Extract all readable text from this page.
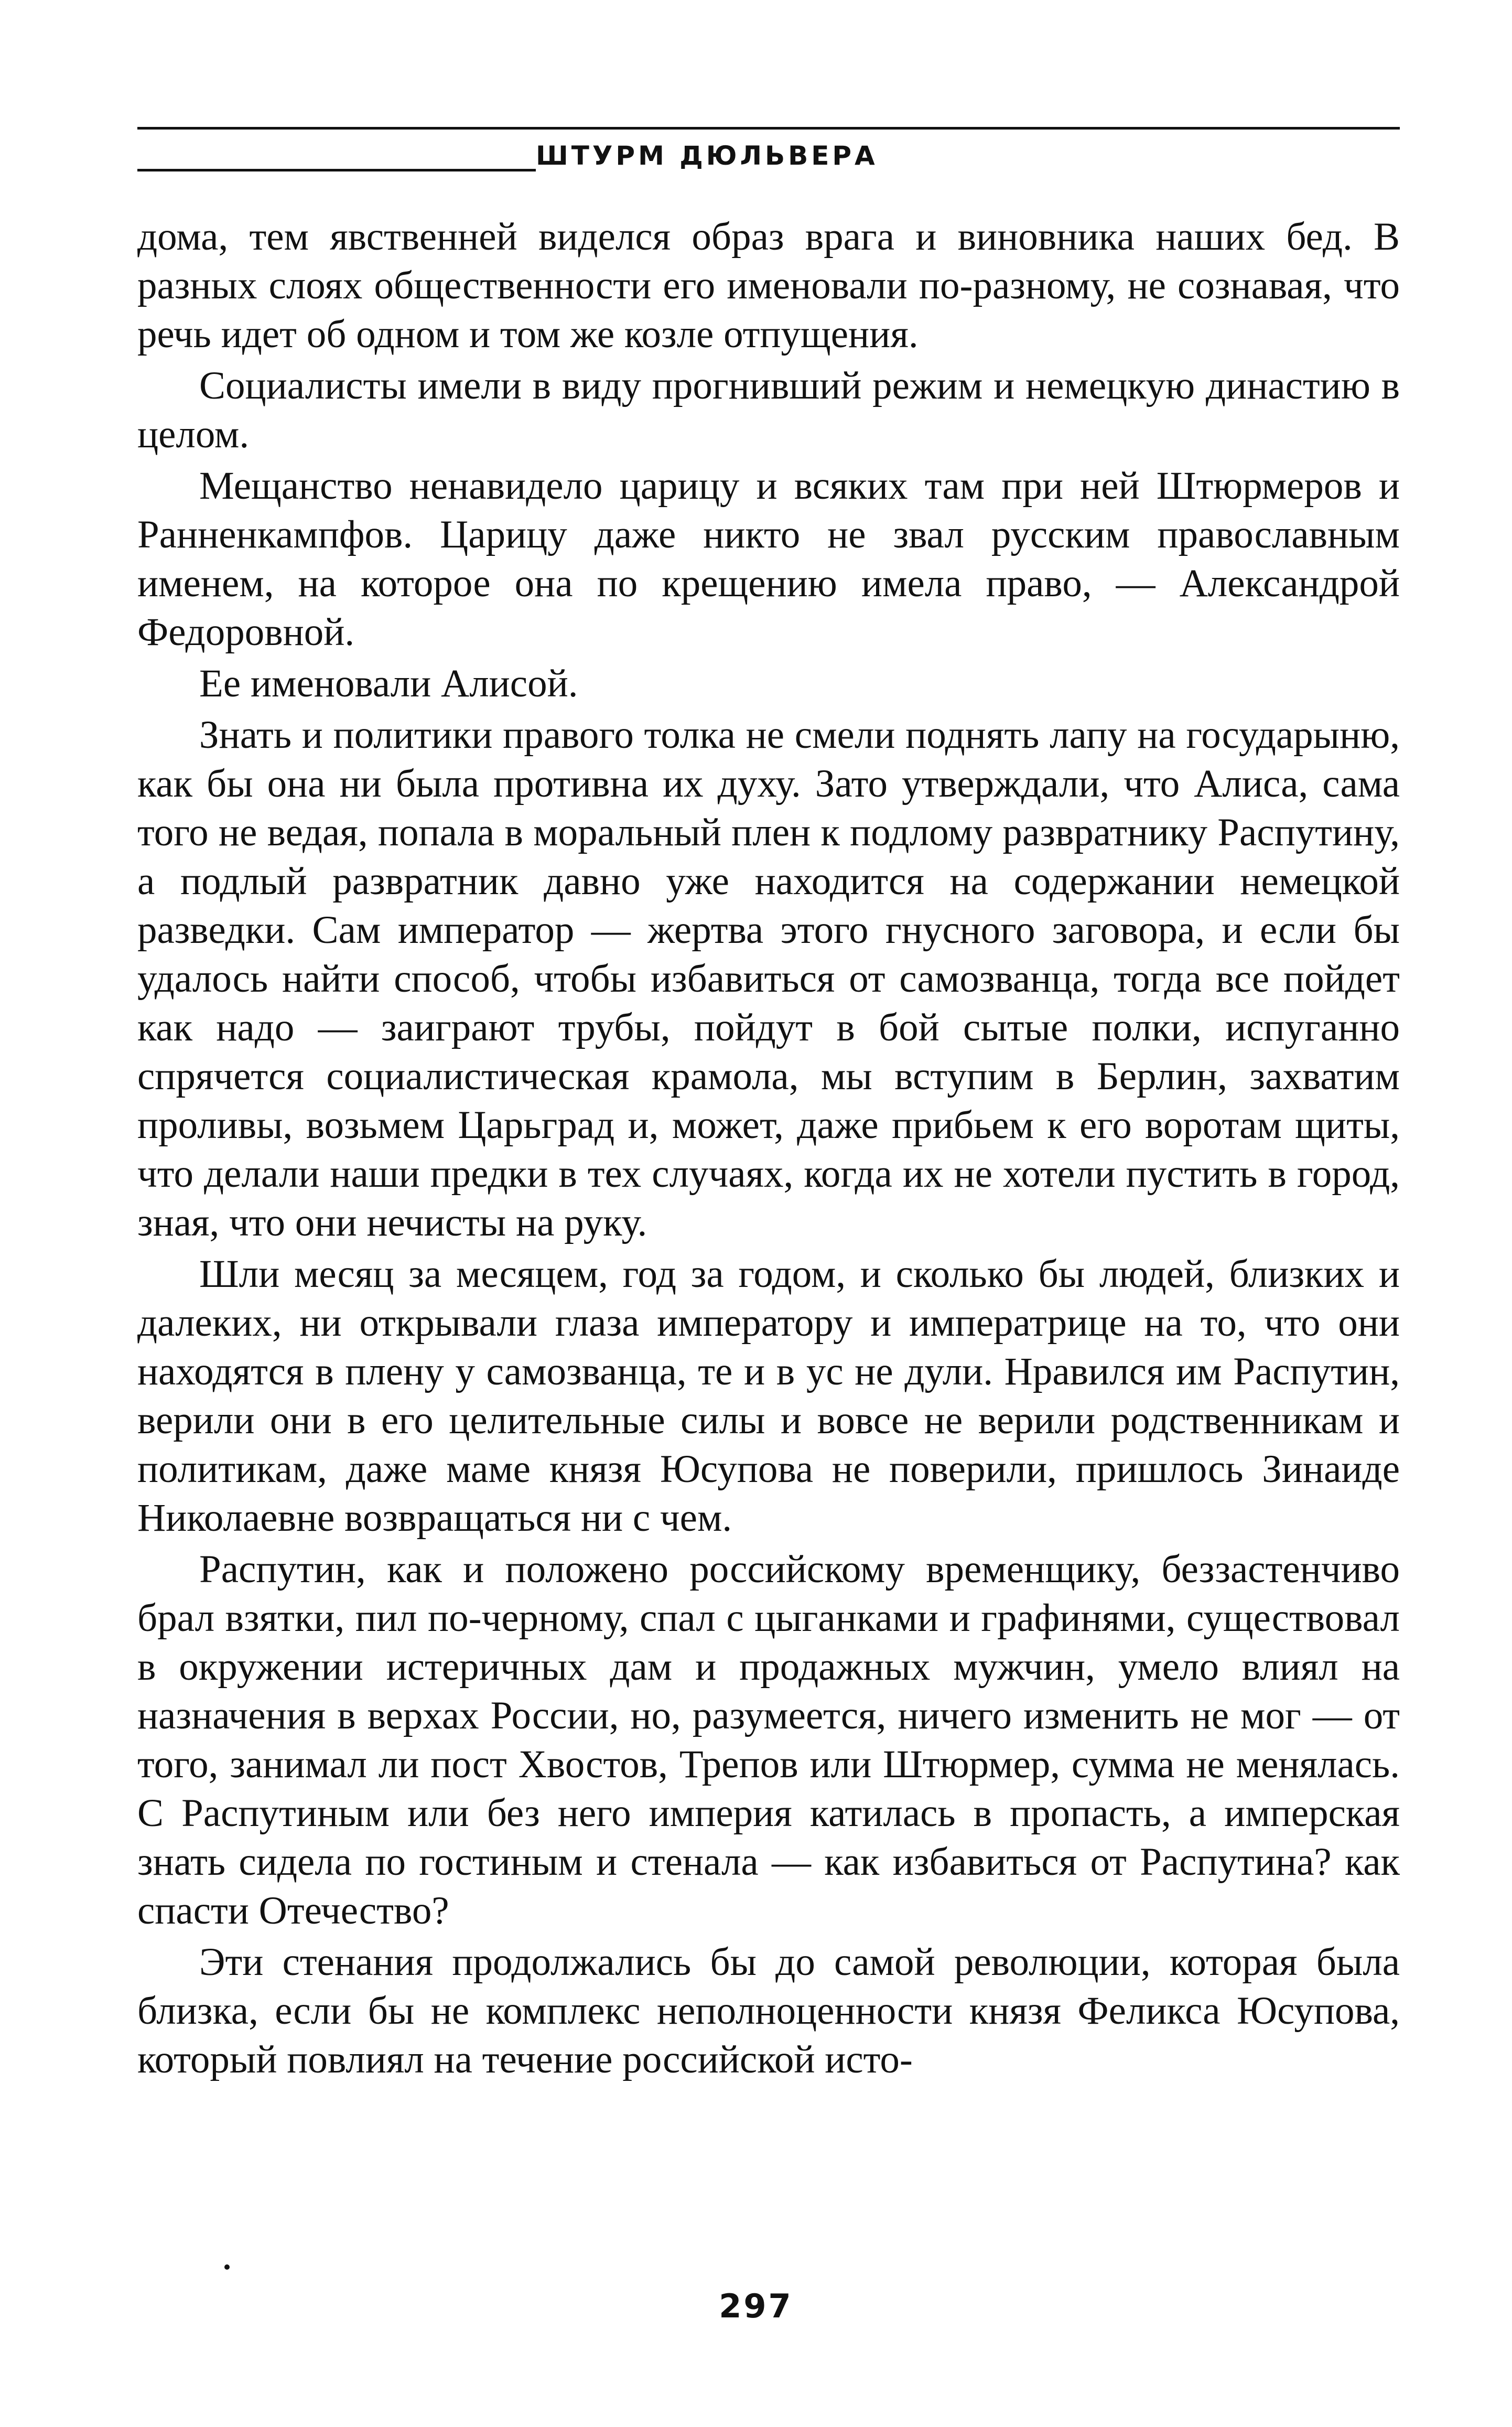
ШТУРМ ДЮЛЬВЕРА

дома, тем явственней виделся образ врага и виновника наших бед. В разных слоях общественности его именовали по-разному, не сознавая, что речь идет об одном и том же козле отпущения.

Социалисты имели в виду прогнивший режим и немецкую династию в целом.

Мещанство ненавидело царицу и всяких там при ней Штюрмеров и Ранненкампфов. Царицу даже никто не звал русским православным именем, на которое она по крещению имела право, — Александрой Федоровной.

Ее именовали Алисой.

Знать и политики правого толка не смели поднять лапу на государыню, как бы она ни была противна их духу. Зато утверждали, что Алиса, сама того не ведая, попала в моральный плен к подлому развратнику Распутину, а подлый развратник давно уже находится на содержании немецкой разведки. Сам император — жертва этого гнусного заговора, и если бы удалось найти способ, чтобы избавиться от самозванца, тогда все пойдет как надо — заиграют трубы, пойдут в бой сытые полки, испуганно спрячется социалистическая крамола, мы вступим в Берлин, захватим проливы, возьмем Царьград и, может, даже прибьем к его воротам щиты, что делали наши предки в тех случаях, когда их не хотели пустить в город, зная, что они нечисты на руку.

Шли месяц за месяцем, год за годом, и сколько бы людей, близких и далеких, ни открывали глаза императору и императрице на то, что они находятся в плену у самозванца, те и в ус не дули. Нравился им Распутин, верили они в его целительные силы и вовсе не верили родственникам и политикам, даже маме князя Юсупова не поверили, пришлось Зинаиде Николаевне возвращаться ни с чем.

Распутин, как и положено российскому временщику, беззастенчиво брал взятки, пил по-черному, спал с цыганками и графинями, существовал в окружении истеричных дам и продажных мужчин, умело влиял на назначения в верхах России, но, разумеется, ничего изменить не мог — от того, занимал ли пост Хвостов, Трепов или Штюрмер, сумма не менялась. С Распутиным или без него империя катилась в пропасть, а имперская знать сидела по гостиным и стенала — как избавиться от Распутина? как спасти Отечество?

Эти стенания продолжались бы до самой революции, которая была близка, если бы не комплекс неполноценности князя Феликса Юсупова, который повлиял на течение российской исто-

297
